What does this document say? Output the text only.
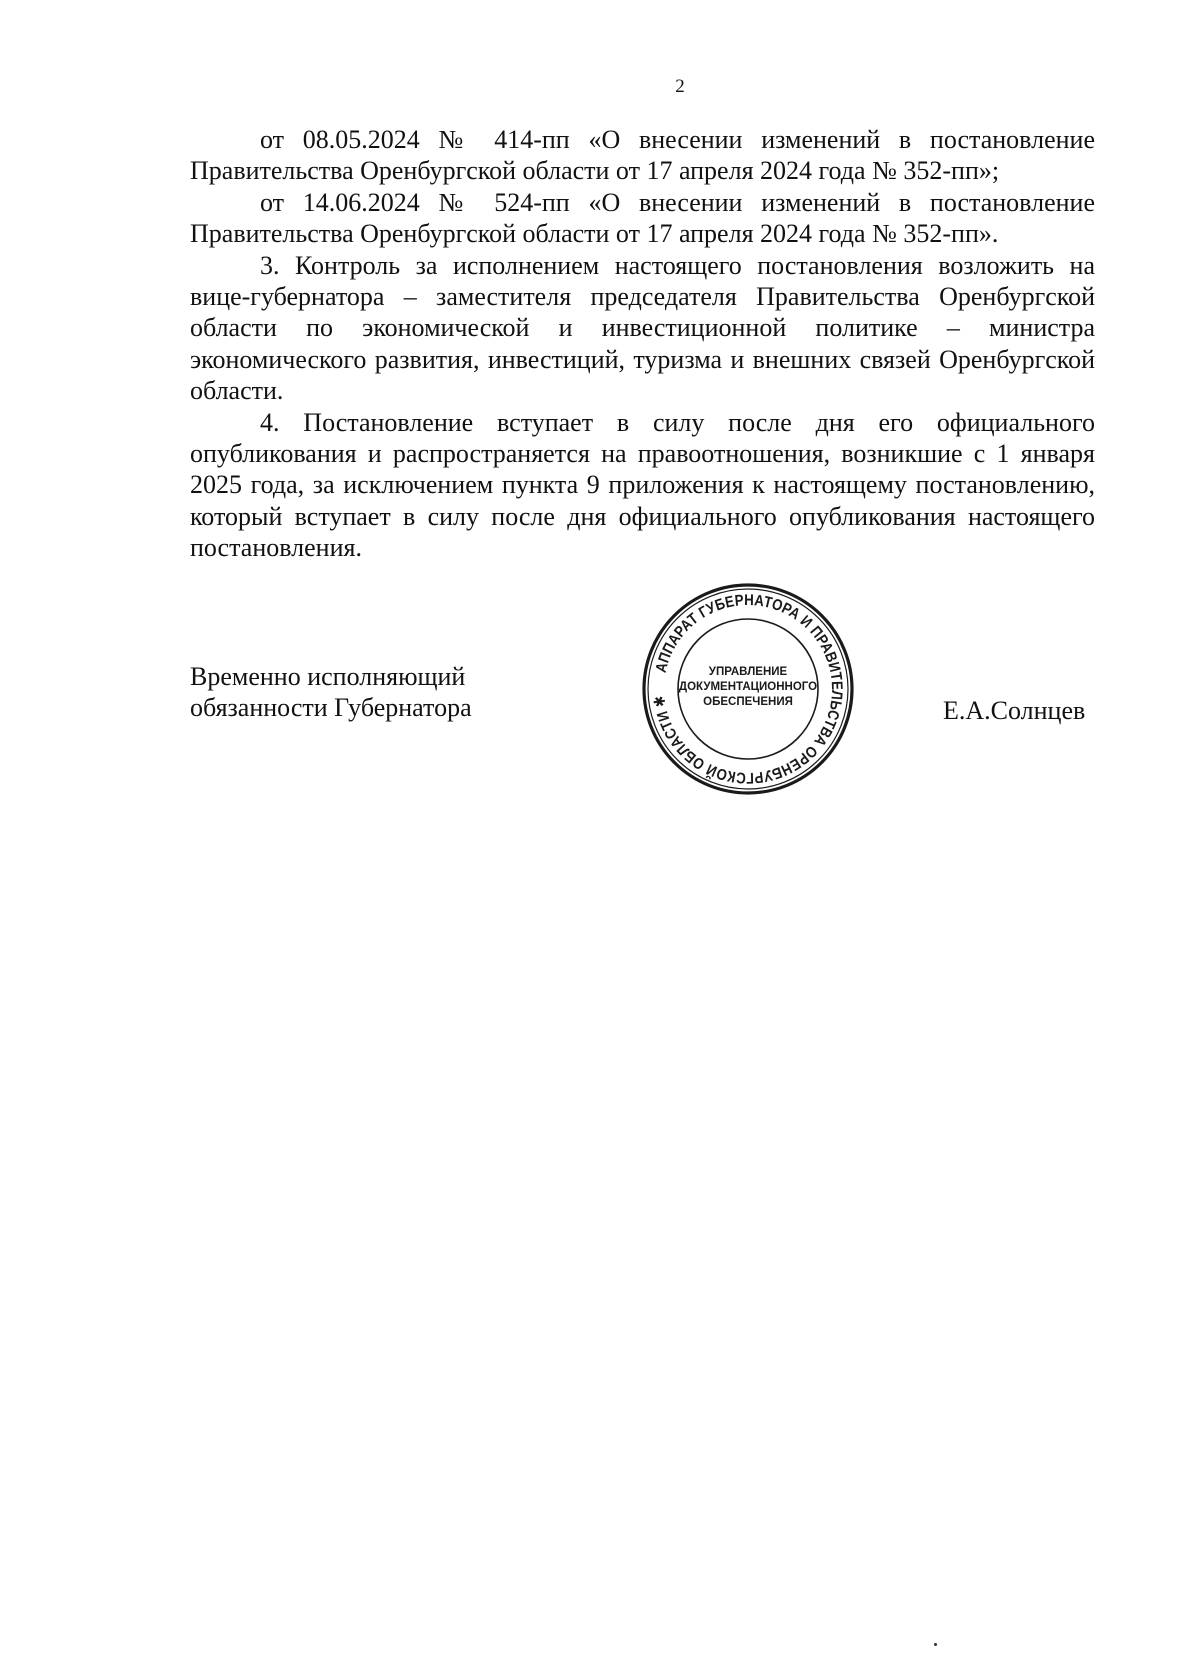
2

от 08.05.2024 № 414-пп «О внесении изменений в постановление Правительства Оренбургской области от 17 апреля 2024 года № 352-пп»;

от 14.06.2024 № 524-пп «О внесении изменений в постановление Правительства Оренбургской области от 17 апреля 2024 года № 352-пп».

3. Контроль за исполнением настоящего постановления возложить на вице-губернатора – заместителя председателя Правительства Оренбургской области по экономической и инвестиционной политике – министра экономического развития, инвестиций, туризма и внешних связей Оренбургской области.

4. Постановление вступает в силу после дня его официального опубликования и распространяется на правоотношения, возникшие с 1 января 2025 года, за исключением пункта 9 приложения к настоящему постановлению, который вступает в силу после дня официального опубликования настоящего постановления.

Временно исполняющий
обязанности Губернатора
АППАРАТ ГУБЕРНАТОРА И ПРАВИТЕЛЬСТВА ОРЕНБУРГСКОЙ ОБЛАСТИ ✱
УПРАВЛЕНИЕ
ДОКУМЕНТАЦИОННОГО
ОБЕСПЕЧЕНИЯ	Е.А.Солнцев
